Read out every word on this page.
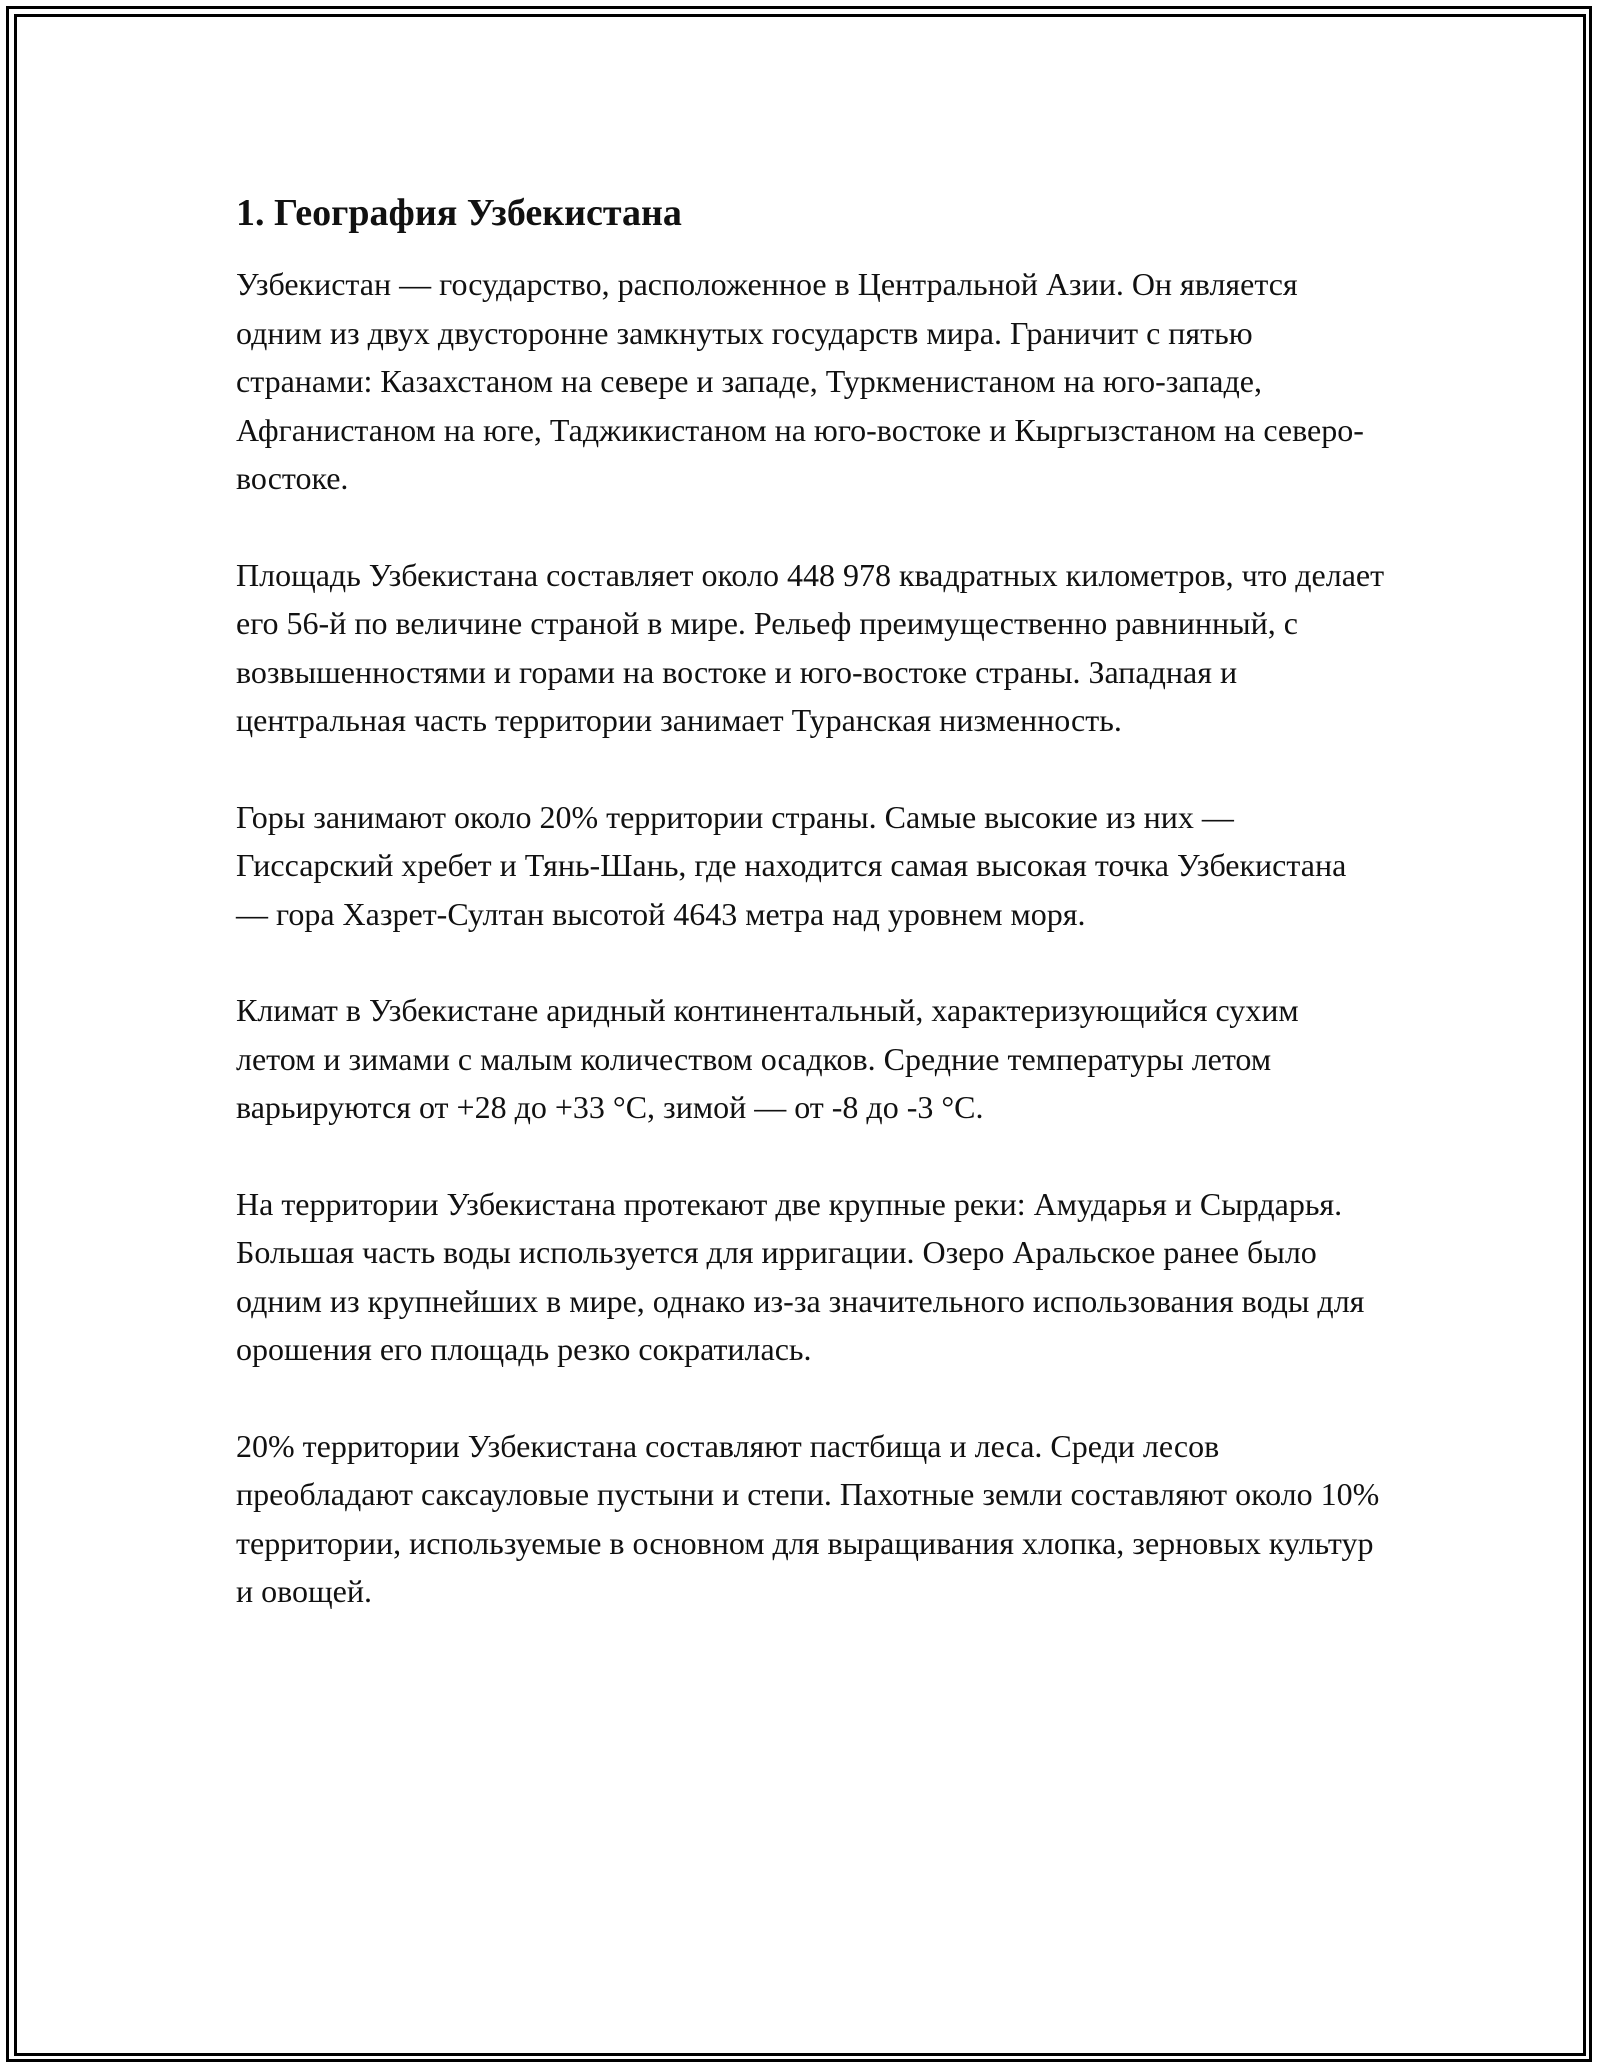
1. География Узбекистана

Узбекистан — государство, расположенное в Центральной Азии. Он является одним из двух двусторонне замкнутых государств мира. Граничит с пятью странами: Казахстаном на севере и западе, Туркменистаном на юго-западе, Афганистаном на юге, Таджикистаном на юго-востоке и Кыргызстаном на северо-востоке.

Площадь Узбекистана составляет около 448 978 квадратных километров, что делает его 56-й по величине страной в мире. Рельеф преимущественно равнинный, с возвышенностями и горами на востоке и юго-востоке страны. Западная и центральная часть территории занимает Туранская низменность.

Горы занимают около 20% территории страны. Самые высокие из них — Гиссарский хребет и Тянь-Шань, где находится самая высокая точка Узбекистана — гора Хазрет-Султан высотой 4643 метра над уровнем моря.

Климат в Узбекистане аридный континентальный, характеризующийся сухим летом и зимами с малым количеством осадков. Средние температуры летом варьируются от +28 до +33 °C, зимой — от -8 до -3 °C.

На территории Узбекистана протекают две крупные реки: Амударья и Сырдарья. Большая часть воды используется для ирригации. Озеро Аральское ранее было одним из крупнейших в мире, однако из-за значительного использования воды для орошения его площадь резко сократилась.

20% территории Узбекистана составляют пастбища и леса. Среди лесов преобладают саксауловые пустыни и степи. Пахотные земли составляют около 10% территории, используемые в основном для выращивания хлопка, зерновых культур и овощей.
